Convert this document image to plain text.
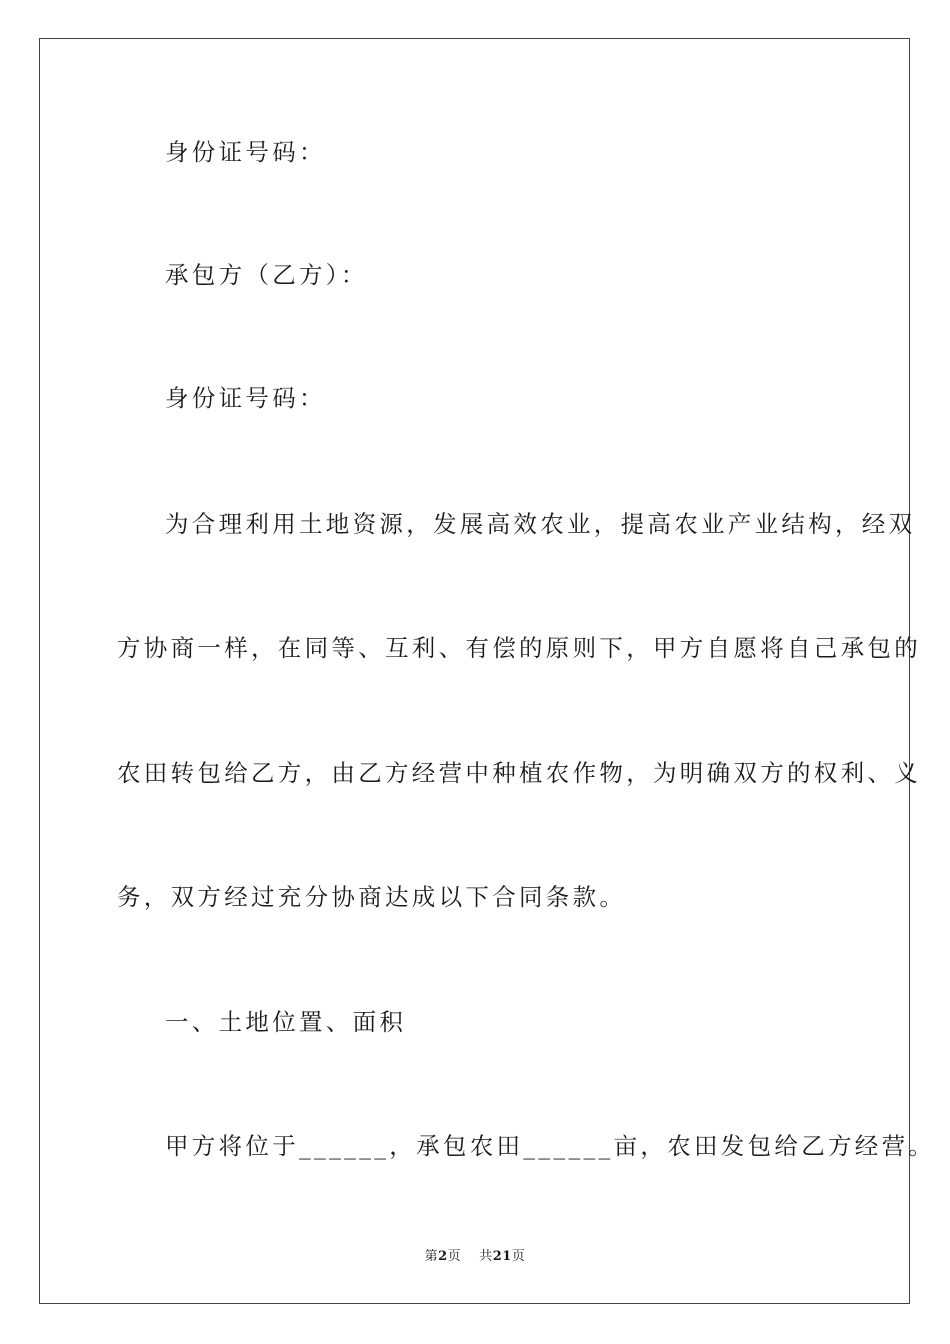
身份证号码：
承包方（乙方）：
身份证号码：
为合理利用土地资源，发展高效农业，提高农业产业结构，经双
方协商一样，在同等、互利、有偿的原则下，甲方自愿将自己承包的
农田转包给乙方，由乙方经营中种植农作物，为明确双方的权利、义
务，双方经过充分协商达成以下合同条款。
一、土地位置、面积
甲方将位于______，承包农田______亩，农田发包给乙方经营。
第2页 共21页
